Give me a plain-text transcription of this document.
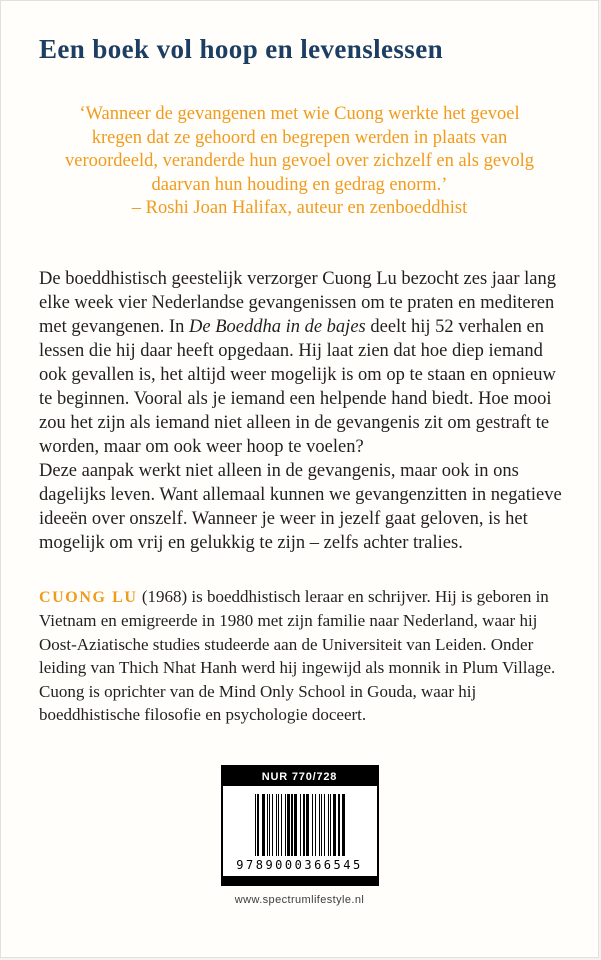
Een boek vol hoop en levenslessen

‘Wanneer de gevangenen met wie Cuong werkte het gevoel kregen dat ze gehoord en begrepen werden in plaats van veroordeeld, veranderde hun gevoel over zichzelf en als gevolg daarvan hun houding en gedrag enorm.’

– Roshi Joan Halifax, auteur en zenboeddhist

De boeddhistisch geestelijk verzorger Cuong Lu bezocht zes jaar lang elke week vier Nederlandse gevangenissen om te praten en mediteren met gevangenen. In De Boeddha in de bajes deelt hij 52 verhalen en lessen die hij daar heeft opgedaan. Hij laat zien dat hoe diep iemand ook gevallen is, het altijd weer mogelijk is om op te staan en opnieuw te beginnen. Vooral als je iemand een helpende hand biedt. Hoe mooi zou het zijn als iemand niet alleen in de gevangenis zit om gestraft te worden, maar om ook weer hoop te voelen?

Deze aanpak werkt niet alleen in de gevangenis, maar ook in ons dagelijks leven. Want allemaal kunnen we gevangenzitten in negatieve ideeën over onszelf. Wanneer je weer in jezelf gaat geloven, is het mogelijk om vrij en gelukkig te zijn – zelfs achter tralies.

CUONG LU (1968) is boeddhistisch leraar en schrijver. Hij is geboren in Vietnam en emigreerde in 1980 met zijn familie naar Nederland, waar hij Oost-Aziatische studies studeerde aan de Universiteit van Leiden. Onder leiding van Thich Nhat Hanh werd hij ingewijd als monnik in Plum Village. Cuong is oprichter van de Mind Only School in Gouda, waar hij boeddhistische filosofie en psychologie doceert.

NUR 770/728
9789000366545
www.spectrumlifestyle.nl
